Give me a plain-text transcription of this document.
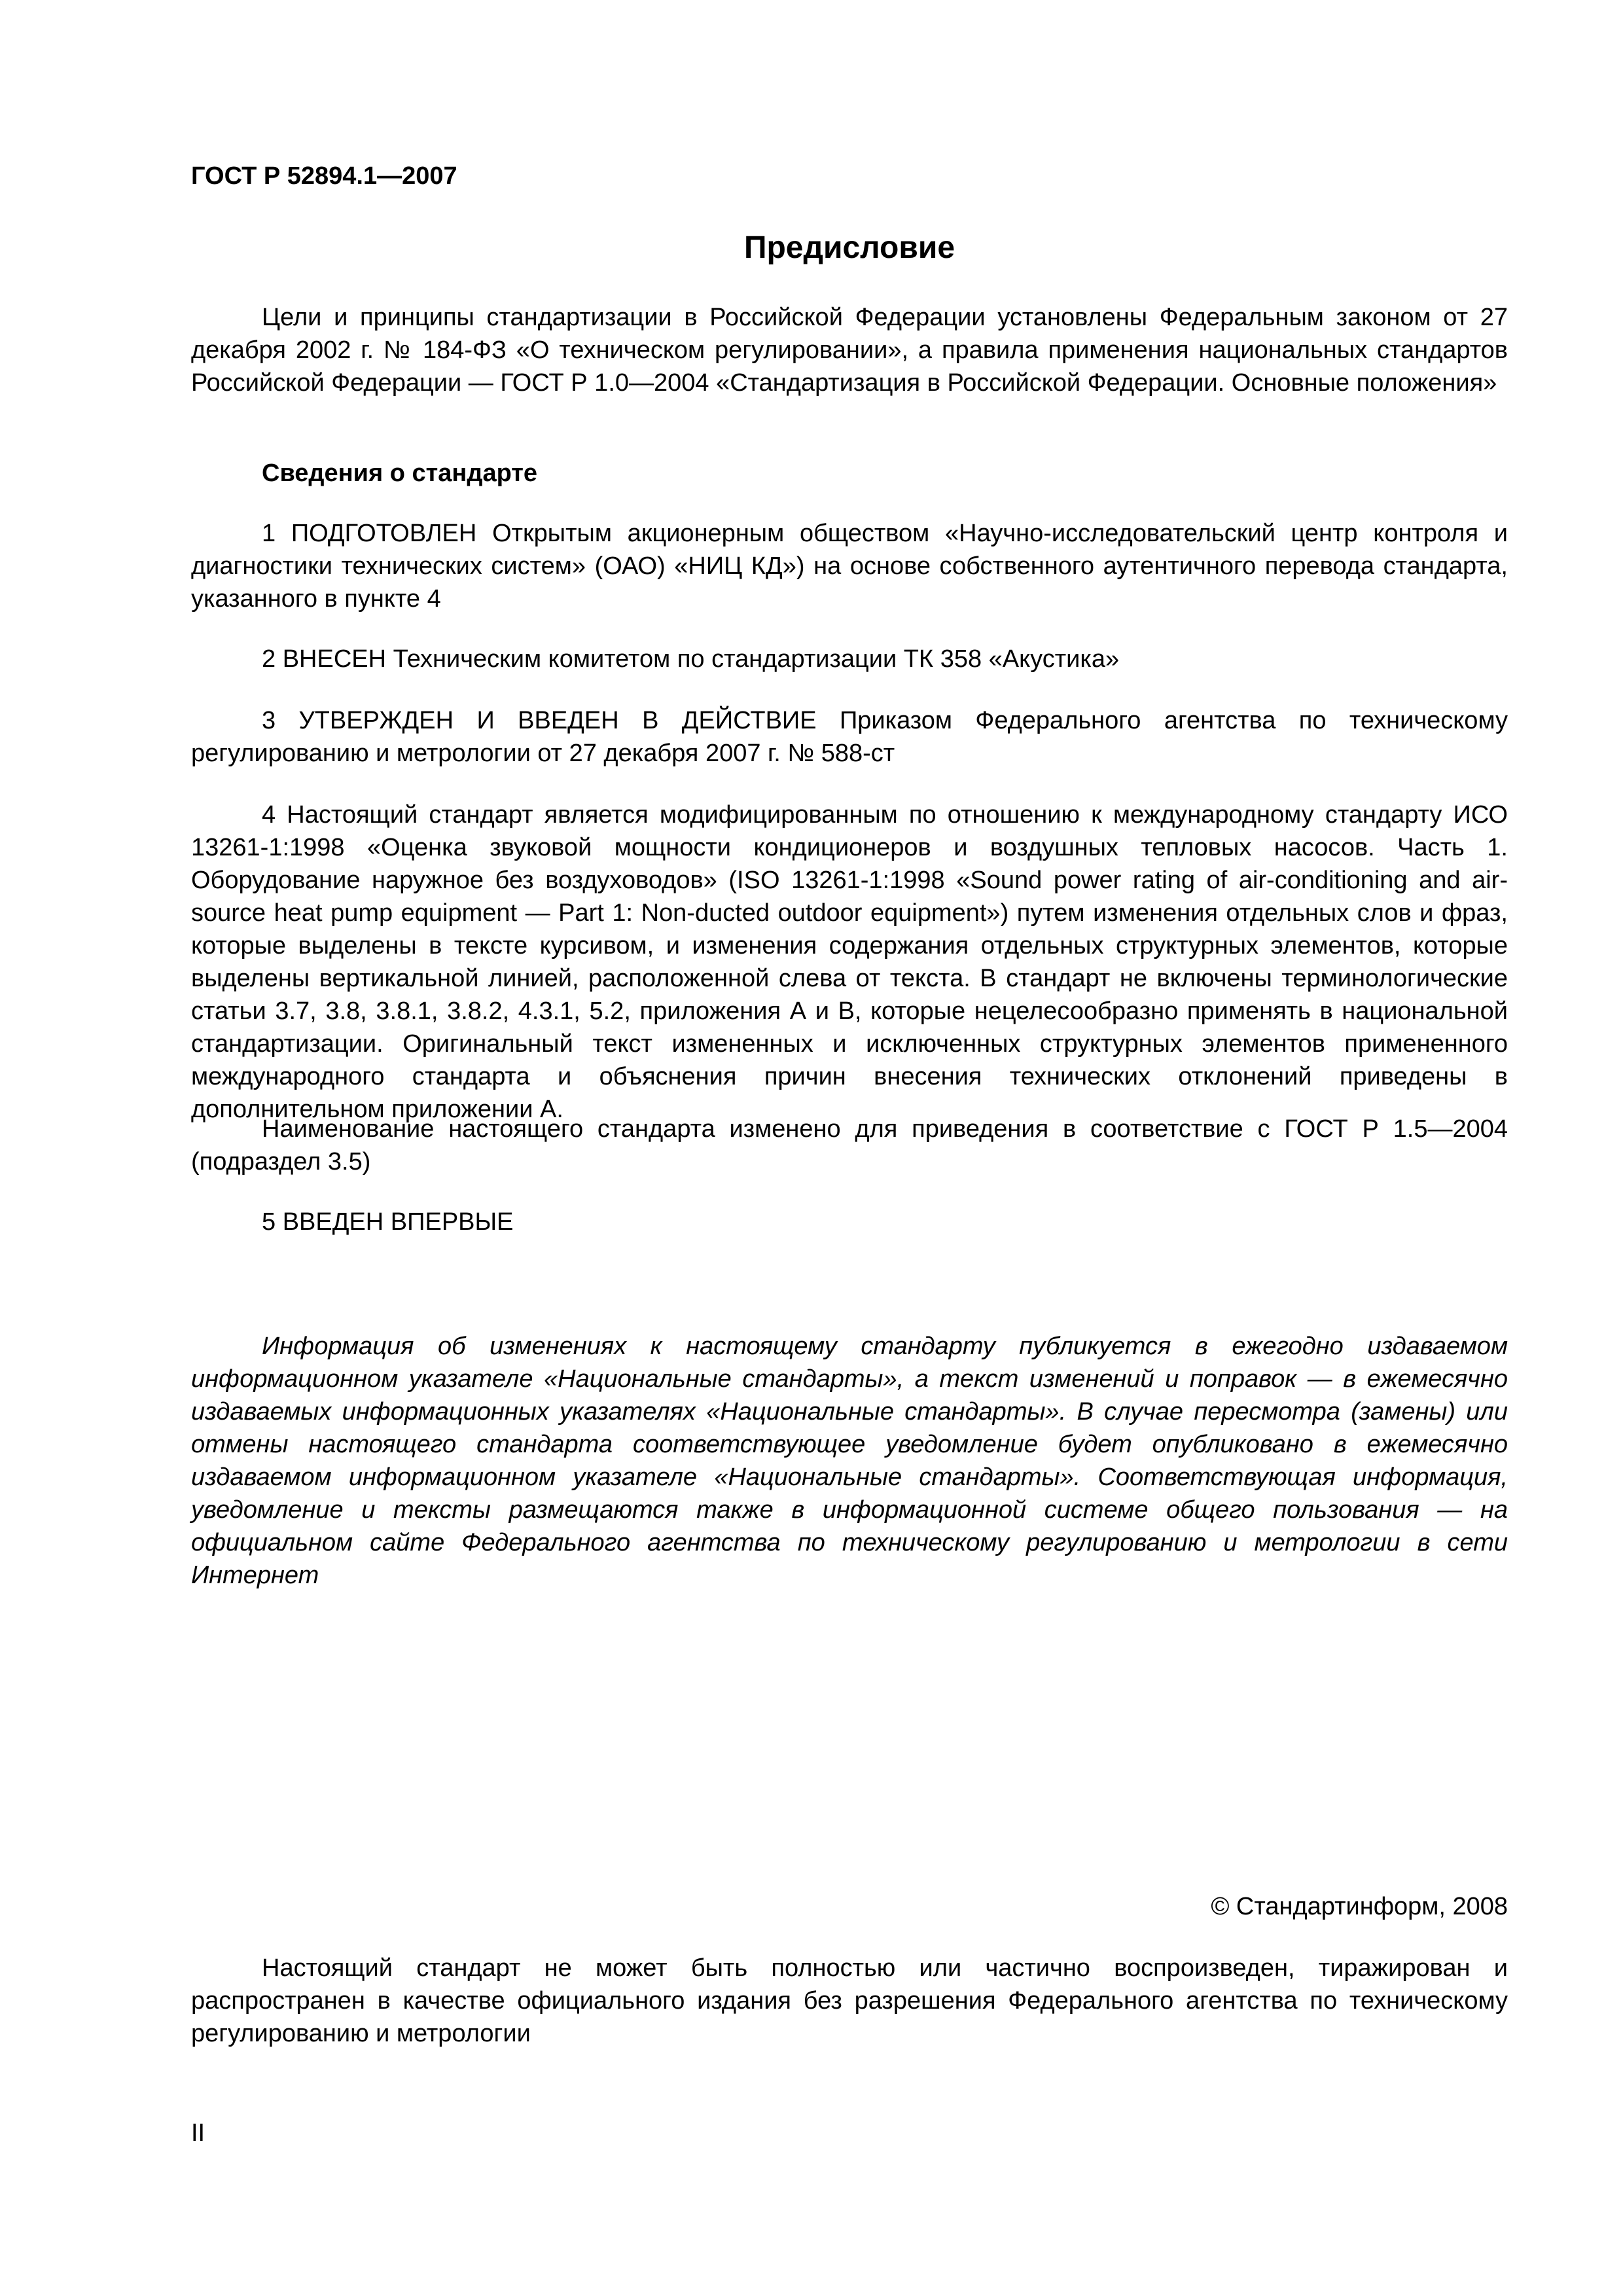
ГОСТ Р 52894.1—2007
Предисловие

Цели и принципы стандартизации в Российской Федерации установлены Федеральным законом от 27 декабря 2002 г. № 184-ФЗ «О техническом регулировании», а правила применения национальных стандартов Российской Федерации — ГОСТ Р 1.0—2004 «Стандартизация в Российской Федерации. Основные положения»

Сведения о стандарте

1 ПОДГОТОВЛЕН Открытым акционерным обществом «Научно-исследовательский центр контроля и диагностики технических систем» (ОАО) «НИЦ КД») на основе собственного аутентичного перевода стандарта, указанного в пункте 4

2 ВНЕСЕН Техническим комитетом по стандартизации ТК 358 «Акустика»

3 УТВЕРЖДЕН И ВВЕДЕН В ДЕЙСТВИЕ Приказом Федерального агентства по техническому регулированию и метрологии от 27 декабря 2007 г. № 588-ст

4 Настоящий стандарт является модифицированным по отношению к международному стандарту ИСО 13261-1:1998 «Оценка звуковой мощности кондиционеров и воздушных тепловых насосов. Часть 1. Оборудование наружное без воздуховодов» (ISO 13261-1:1998 «Sound power rating of air-conditioning and air-source heat pump equipment — Part 1: Non-ducted outdoor equipment») путем изменения отдельных слов и фраз, которые выделены в тексте курсивом, и изменения содержания отдельных структурных элементов, которые выделены вертикальной линией, расположенной слева от текста. В стандарт не включены терминологические статьи 3.7, 3.8, 3.8.1, 3.8.2, 4.3.1, 5.2, приложения А и В, которые нецелесообразно применять в национальной стандартизации. Оригинальный текст измененных и исключенных структурных элементов примененного международного стандарта и объяснения причин внесения технических отклонений приведены в дополнительном приложении А.

Наименование настоящего стандарта изменено для приведения в соответствие с ГОСТ Р 1.5—2004 (подраздел 3.5)

5 ВВЕДЕН ВПЕРВЫЕ

Информация об изменениях к настоящему стандарту публикуется в ежегодно издаваемом информационном указателе «Национальные стандарты», а текст изменений и поправок — в ежемесячно издаваемых информационных указателях «Национальные стандарты». В случае пересмотра (замены) или отмены настоящего стандарта соответствующее уведомление будет опубликовано в ежемесячно издаваемом информационном указателе «Национальные стандарты». Соответствующая информация, уведомление и тексты размещаются также в информационной системе общего пользования — на официальном сайте Федерального агентства по техническому регулированию и метрологии в сети Интернет

© Стандартинформ, 2008

Настоящий стандарт не может быть полностью или частично воспроизведен, тиражирован и распространен в качестве официального издания без разрешения Федерального агентства по техническому регулированию и метрологии

II
